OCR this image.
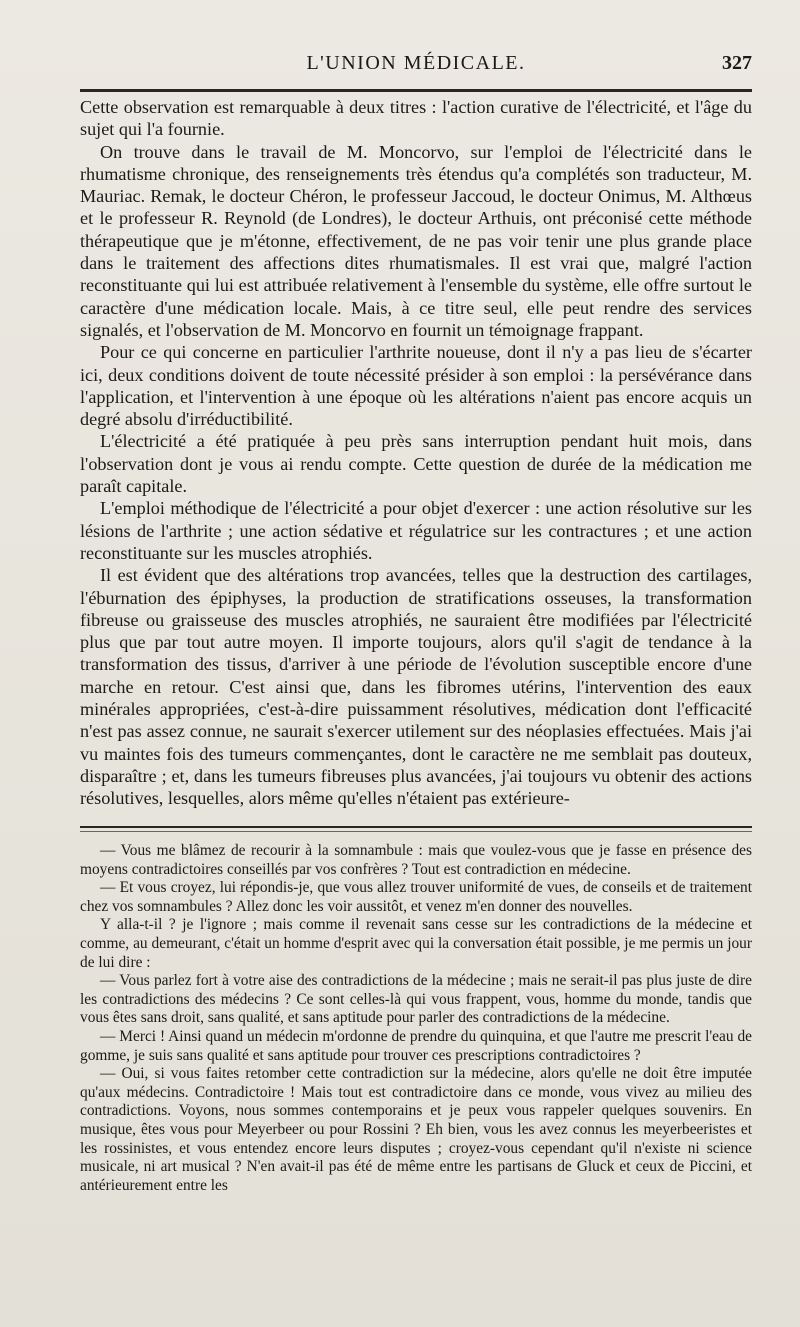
L'UNION MÉDICALE.	327

Cette observation est remarquable à deux titres : l'action curative de l'électricité, et l'âge du sujet qui l'a fournie.

On trouve dans le travail de M. Moncorvo, sur l'emploi de l'électricité dans le rhumatisme chronique, des renseignements très étendus qu'a complétés son traducteur, M. Mauriac. Remak, le docteur Chéron, le professeur Jaccoud, le docteur Onimus, M. Althœus et le professeur R. Reynold (de Londres), le docteur Arthuis, ont préconisé cette méthode thérapeutique que je m'étonne, effectivement, de ne pas voir tenir une plus grande place dans le traitement des affections dites rhumatismales. Il est vrai que, malgré l'action reconstituante qui lui est attribuée relativement à l'ensemble du système, elle offre surtout le caractère d'une médication locale. Mais, à ce titre seul, elle peut rendre des services signalés, et l'observation de M. Moncorvo en fournit un témoignage frappant.

Pour ce qui concerne en particulier l'arthrite noueuse, dont il n'y a pas lieu de s'écarter ici, deux conditions doivent de toute nécessité présider à son emploi : la persévérance dans l'application, et l'intervention à une époque où les altérations n'aient pas encore acquis un degré absolu d'irréductibilité.

L'électricité a été pratiquée à peu près sans interruption pendant huit mois, dans l'observation dont je vous ai rendu compte. Cette question de durée de la médication me paraît capitale.

L'emploi méthodique de l'électricité a pour objet d'exercer : une action résolutive sur les lésions de l'arthrite ; une action sédative et régulatrice sur les contractures ; et une action reconstituante sur les muscles atrophiés.

Il est évident que des altérations trop avancées, telles que la destruction des cartilages, l'éburnation des épiphyses, la production de stratifications osseuses, la transformation fibreuse ou graisseuse des muscles atrophiés, ne sauraient être modifiées par l'électricité plus que par tout autre moyen. Il importe toujours, alors qu'il s'agit de tendance à la transformation des tissus, d'arriver à une période de l'évolution susceptible encore d'une marche en retour. C'est ainsi que, dans les fibromes utérins, l'intervention des eaux minérales appropriées, c'est-à-dire puissamment résolutives, médication dont l'efficacité n'est pas assez connue, ne saurait s'exercer utilement sur des néoplasies effectuées. Mais j'ai vu maintes fois des tumeurs commençantes, dont le caractère ne me semblait pas douteux, disparaître ; et, dans les tumeurs fibreuses plus avancées, j'ai toujours vu obtenir des actions résolutives, lesquelles, alors même qu'elles n'étaient pas extérieure-

— Vous me blâmez de recourir à la somnambule : mais que voulez-vous que je fasse en présence des moyens contradictoires conseillés par vos confrères ? Tout est contradiction en médecine.

— Et vous croyez, lui répondis-je, que vous allez trouver uniformité de vues, de conseils et de traitement chez vos somnambules ? Allez donc les voir aussitôt, et venez m'en donner des nouvelles.

Y alla-t-il ? je l'ignore ; mais comme il revenait sans cesse sur les contradictions de la médecine et comme, au demeurant, c'était un homme d'esprit avec qui la conversation était possible, je me permis un jour de lui dire :

— Vous parlez fort à votre aise des contradictions de la médecine ; mais ne serait-il pas plus juste de dire les contradictions des médecins ? Ce sont celles-là qui vous frappent, vous, homme du monde, tandis que vous êtes sans droit, sans qualité, et sans aptitude pour parler des contradictions de la médecine.

— Merci ! Ainsi quand un médecin m'ordonne de prendre du quinquina, et que l'autre me prescrit l'eau de gomme, je suis sans qualité et sans aptitude pour trouver ces prescriptions contradictoires ?

— Oui, si vous faites retomber cette contradiction sur la médecine, alors qu'elle ne doit être imputée qu'aux médecins. Contradictoire ! Mais tout est contradictoire dans ce monde, vous vivez au milieu des contradictions. Voyons, nous sommes contemporains et je peux vous rappeler quelques souvenirs. En musique, êtes vous pour Meyerbeer ou pour Rossini ? Eh bien, vous les avez connus les meyerbeeristes et les rossinistes, et vous entendez encore leurs disputes ; croyez-vous cependant qu'il n'existe ni science musicale, ni art musical ? N'en avait-il pas été de même entre les partisans de Gluck et ceux de Piccini, et antérieurement entre les
